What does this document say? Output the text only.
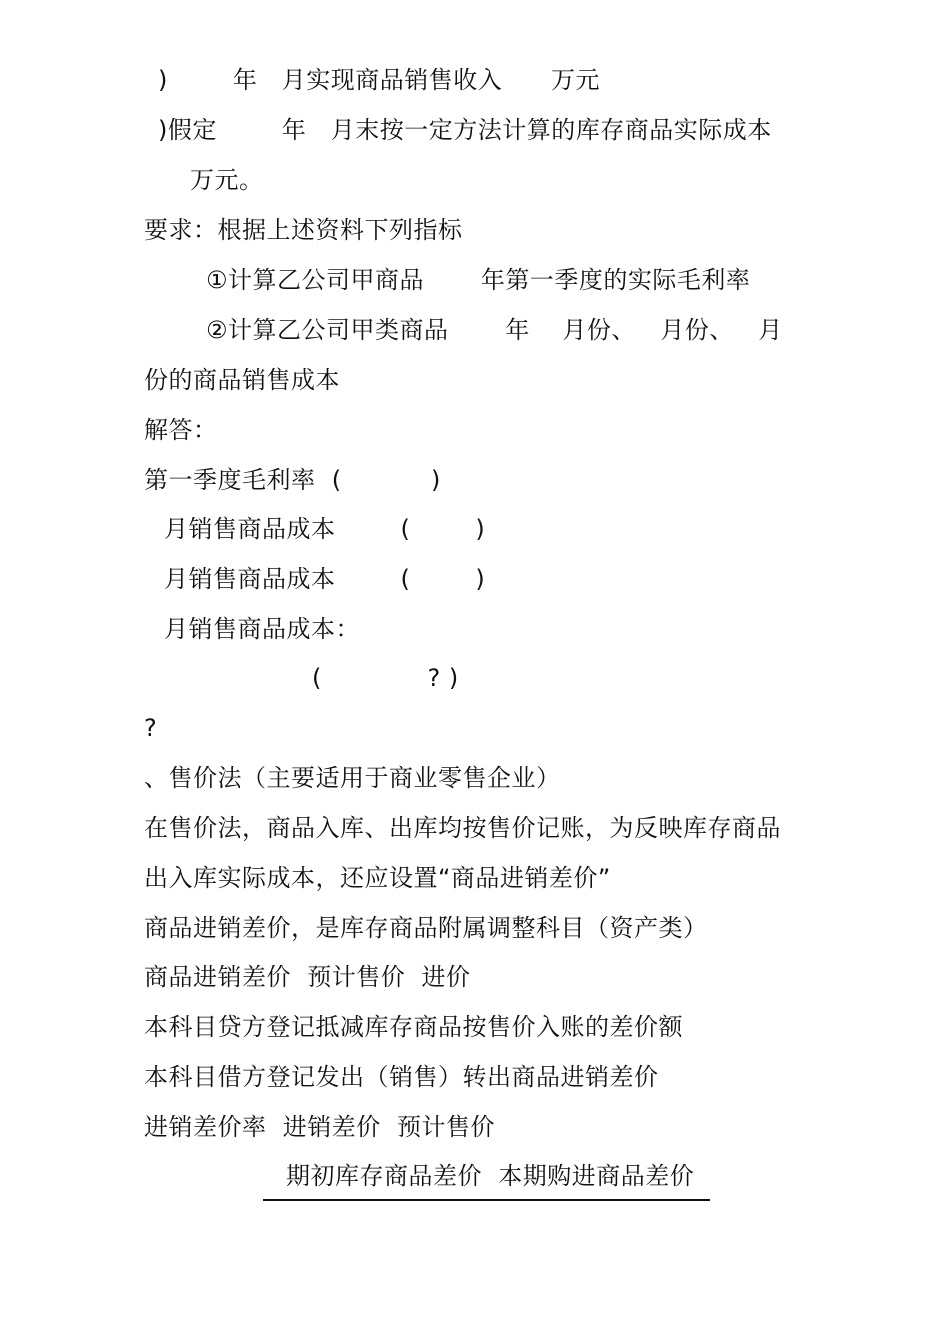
)        年   月实现商品销售收入      万元
)假定        年   月末按一定方法计算的库存商品实际成本
万元。
要求：根据上述资料下列指标
①计算乙公司甲商品       年第一季度的实际毛利率
②计算乙公司甲类商品       年    月份、   月份、   月
份的商品销售成本
解答：
第一季度毛利率  (           )
月销售商品成本        (        )
月销售商品成本        (        )
月销售商品成本：
(             ? )
?
、售价法（主要适用于商业零售企业）
在售价法，商品入库、出库均按售价记账，为反映库存商品
出入库实际成本，还应设置“商品进销差价”
商品进销差价，是库存商品附属调整科目（资产类）
商品进销差价  预计售价  进价
本科目贷方登记抵减库存商品按售价入账的差价额
本科目借方登记发出（销售）转出商品进销差价
进销差价率  进销差价  预计售价
期初库存商品差价  本期购进商品差价
